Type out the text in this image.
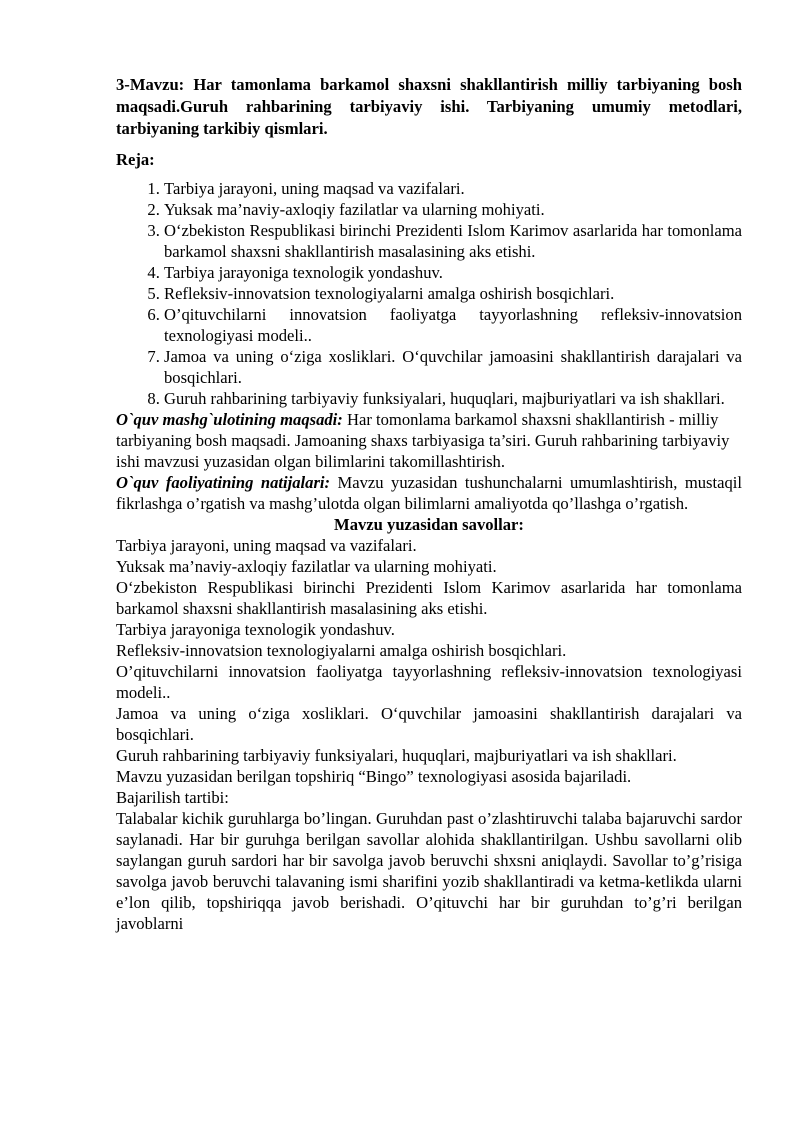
3-Mavzu: Har tamonlama barkamol shaxsni shakllantirish milliy tarbiyaning bosh maqsadi.Guruh rahbarining tarbiyaviy ishi. Tarbiyaning umumiy metodlari, tarbiyaning tarkibiy qismlari.

Reja:

1. Tarbiya jarayoni, uning maqsad va vazifalari.
2. Yuksak ma’naviy-axloqiy fazilatlar va ularning mohiyati.
3. O‘zbekiston Respublikasi birinchi Prezidenti Islom Karimov asarlarida har tomonlama barkamol shaxsni shakllantirish masalasining aks etishi.
4. Tarbiya jarayoniga texnologik yondashuv.
5. Refleksiv-innovatsion texnologiyalarni amalga oshirish bosqichlari.
6. O’qituvchilarni innovatsion faoliyatga tayyorlashning refleksiv-innovatsion texnologiyasi modeli..
7. Jamoa va uning o‘ziga xosliklari. O‘quvchilar jamoasini shakllantirish darajalari va bosqichlari.
8. Guruh rahbarining tarbiyaviy funksiyalari, huquqlari, majburiyatlari va ish shakllari.

O`quv mashg`ulotining maqsadi: Har tomonlama barkamol shaxsni shakllantirish - milliy tarbiyaning bosh maqsadi. Jamoaning shaxs tarbiyasiga ta’siri. Guruh rahbarining tarbiyaviy ishi mavzusi yuzasidan olgan bilimlarini takomillashtirish.

O`quv faoliyatining natijalari: Mavzu yuzasidan tushunchalarni umumlashtirish, mustaqil fikrlashga o’rgatish va mashg’ulotda olgan bilimlarni amaliyotda qo’llashga o’rgatish.

Mavzu yuzasidan savollar:

Tarbiya jarayoni, uning maqsad va vazifalari.

Yuksak ma’naviy-axloqiy fazilatlar va ularning mohiyati.

O‘zbekiston Respublikasi birinchi Prezidenti Islom Karimov asarlarida har tomonlama barkamol shaxsni shakllantirish masalasining aks etishi.

Tarbiya jarayoniga texnologik yondashuv.

Refleksiv-innovatsion texnologiyalarni amalga oshirish bosqichlari.

O’qituvchilarni innovatsion faoliyatga tayyorlashning refleksiv-innovatsion texnologiyasi modeli..

Jamoa va uning o‘ziga xosliklari. O‘quvchilar jamoasini shakllantirish darajalari va bosqichlari.

Guruh rahbarining tarbiyaviy funksiyalari, huquqlari, majburiyatlari va ish shakllari.

Mavzu yuzasidan berilgan topshiriq “Bingo” texnologiyasi asosida bajariladi.

Bajarilish tartibi:

Talabalar kichik guruhlarga bo’lingan. Guruhdan past o’zlashtiruvchi talaba bajaruvchi sardor saylanadi. Har bir guruhga berilgan savollar alohida shakllantirilgan. Ushbu savollarni olib saylangan guruh sardori har bir savolga javob beruvchi shxsni aniqlaydi. Savollar to’g’risiga savolga javob beruvchi talavaning ismi sharifini yozib shakllantiradi va ketma-ketlikda ularni e’lon qilib, topshiriqqa javob berishadi. O’qituvchi har bir guruhdan to’g’ri berilgan javoblarni
